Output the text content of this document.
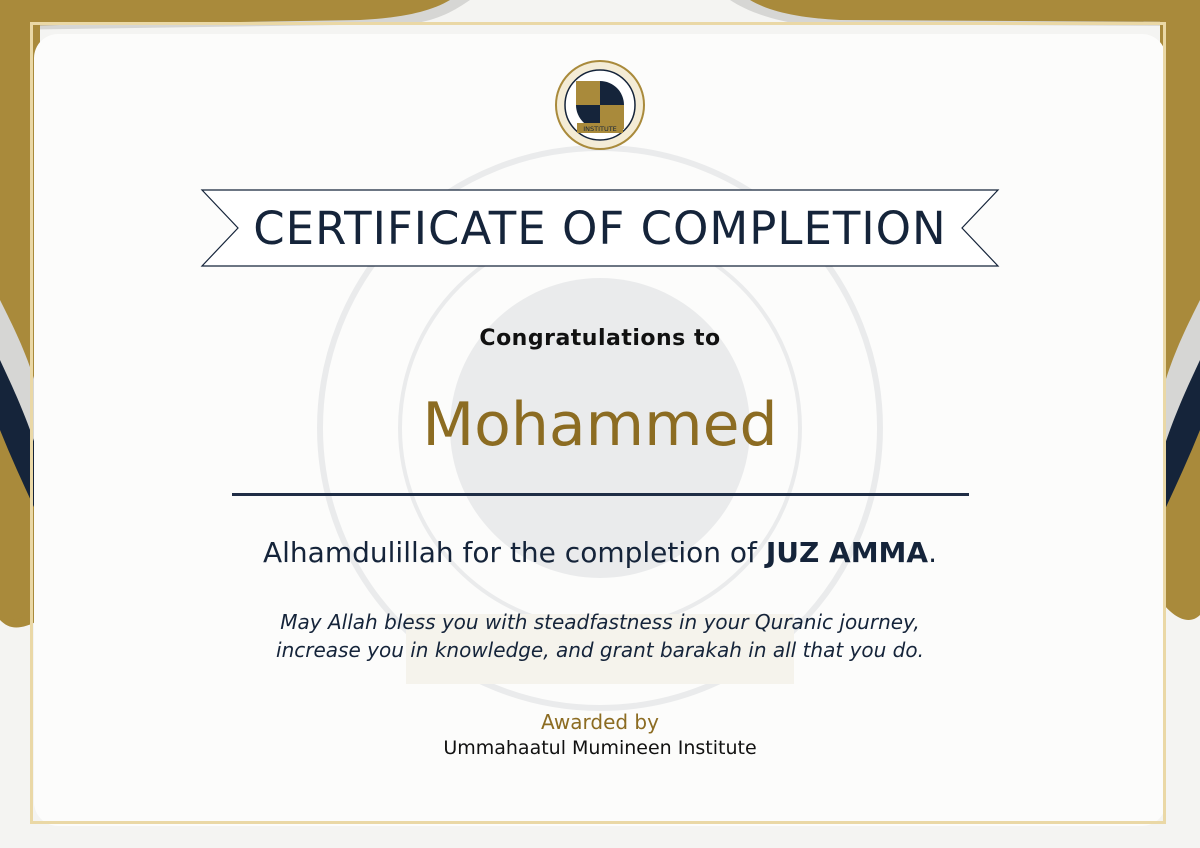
INSTITUTE
CERTIFICATE OF COMPLETION
Congratulations to
Mohammed
Alhamdulillah for the completion of JUZ AMMA.
May Allah bless you with steadfastness in your Quranic journey,
increase you in knowledge, and grant barakah in all that you do.
Awarded by
Ummahaatul Mumineen Institute
